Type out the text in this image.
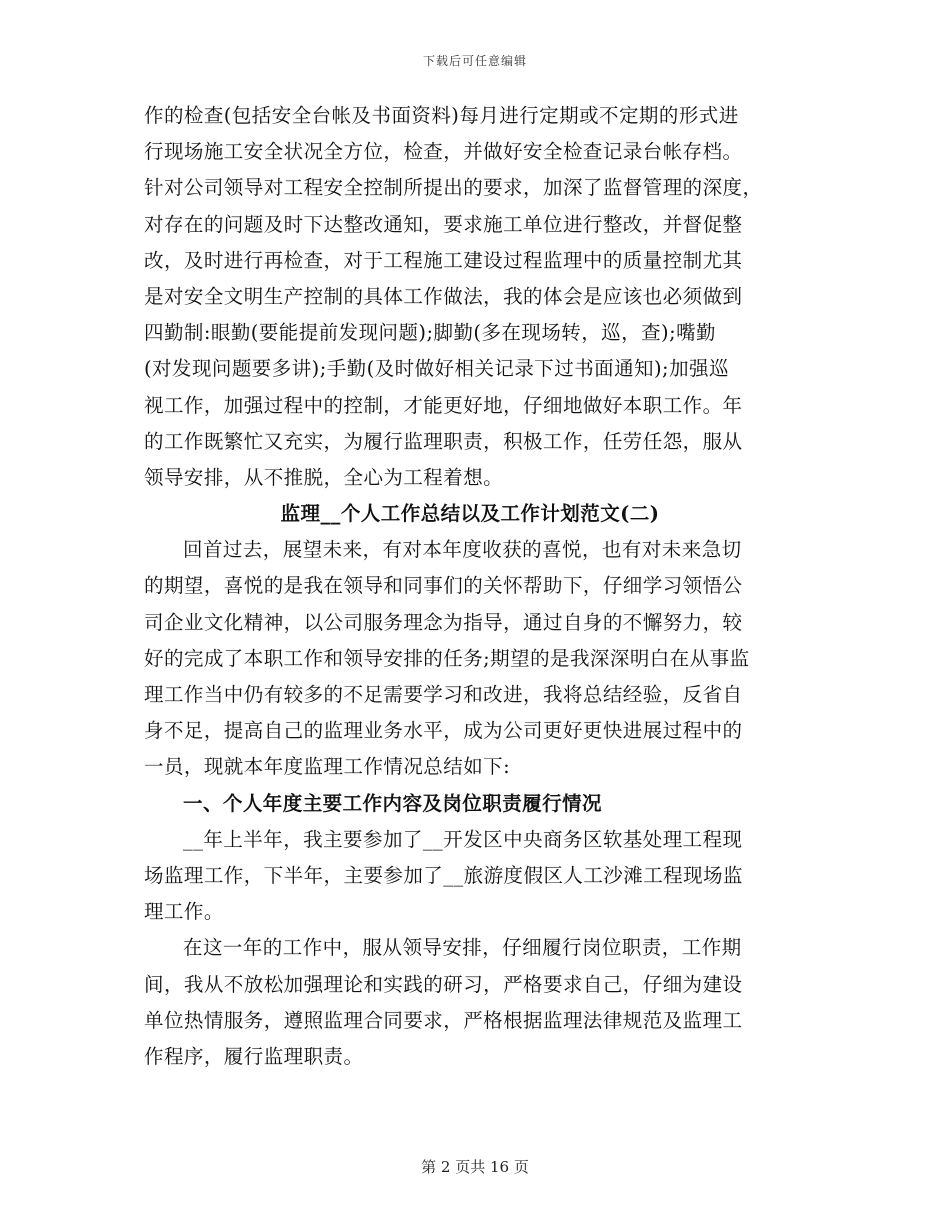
下载后可任意编辑
作的检查(包括安全台帐及书面资料)每月进行定期或不定期的形式进
行现场施工安全状况全方位，检查，并做好安全检查记录台帐存档。
针对公司领导对工程安全控制所提出的要求，加深了监督管理的深度，
对存在的问题及时下达整改通知，要求施工单位进行整改，并督促整
改，及时进行再检查，对于工程施工建设过程监理中的质量控制尤其
是对安全文明生产控制的具体工作做法，我的体会是应该也必须做到
四勤制:眼勤(要能提前发现问题);脚勤(多在现场转，巡，查);嘴勤
(对发现问题要多讲);手勤(及时做好相关记录下过书面通知);加强巡
视工作，加强过程中的控制，才能更好地，仔细地做好本职工作。年
的工作既繁忙又充实，为履行监理职责，积极工作，任劳任怨，服从
领导安排，从不推脱，全心为工程着想。
监理__个人工作总结以及工作计划范文(二)
回首过去，展望未来，有对本年度收获的喜悦，也有对未来急切
的期望，喜悦的是我在领导和同事们的关怀帮助下，仔细学习领悟公
司企业文化精神，以公司服务理念为指导，通过自身的不懈努力，较
好的完成了本职工作和领导安排的任务;期望的是我深深明白在从事监
理工作当中仍有较多的不足需要学习和改进，我将总结经验，反省自
身不足，提高自己的监理业务水平，成为公司更好更快进展过程中的
一员，现就本年度监理工作情况总结如下:
一、个人年度主要工作内容及岗位职责履行情况
__年上半年，我主要参加了__开发区中央商务区软基处理工程现
场监理工作，下半年，主要参加了__旅游度假区人工沙滩工程现场监
理工作。
在这一年的工作中，服从领导安排，仔细履行岗位职责，工作期
间，我从不放松加强理论和实践的研习，严格要求自己，仔细为建设
单位热情服务，遵照监理合同要求，严格根据监理法律规范及监理工
作程序，履行监理职责。
第 2 页共 16 页
